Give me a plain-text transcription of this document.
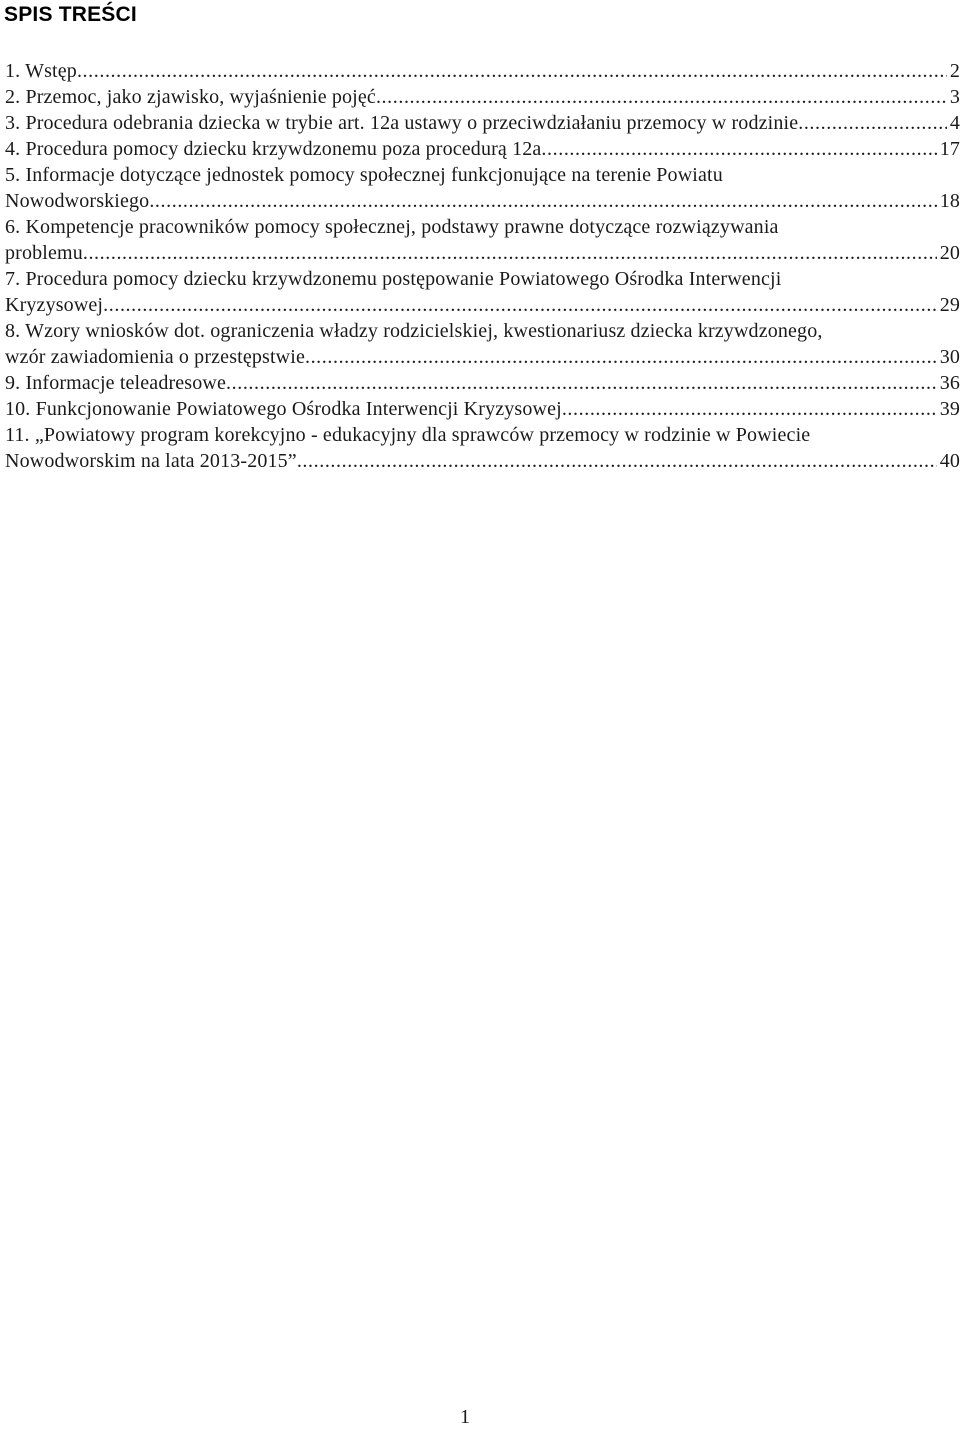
SPIS TREŚCI
1. Wstęp . . .	2
2. Przemoc, jako zjawisko, wyjaśnienie pojęć . . .	3
3. Procedura odebrania dziecka w trybie art. 12a ustawy o przeciwdziałaniu przemocy w rodzinie . . .	4
4. Procedura pomocy dziecku krzywdzonemu poza procedurą 12a . . .	17
5. Informacje dotyczące jednostek pomocy społecznej funkcjonujące na terenie Powiatu
Nowodworskiego . . .	18
6. Kompetencje pracowników pomocy społecznej, podstawy prawne dotyczące rozwiązywania
problemu . . .	20
7. Procedura pomocy dziecku krzywdzonemu postępowanie Powiatowego Ośrodka Interwencji
Kryzysowej . . .	29
8. Wzory wniosków dot. ograniczenia władzy rodzicielskiej, kwestionariusz dziecka krzywdzonego,
wzór zawiadomienia o przestępstwie . . .	30
9. Informacje teleadresowe . . .	36
10. Funkcjonowanie Powiatowego Ośrodka Interwencji Kryzysowej . . .	39
11. „Powiatowy program korekcyjno - edukacyjny dla sprawców przemocy w rodzinie w Powiecie
Nowodworskim na lata 2013-2015” . . .	40
1
